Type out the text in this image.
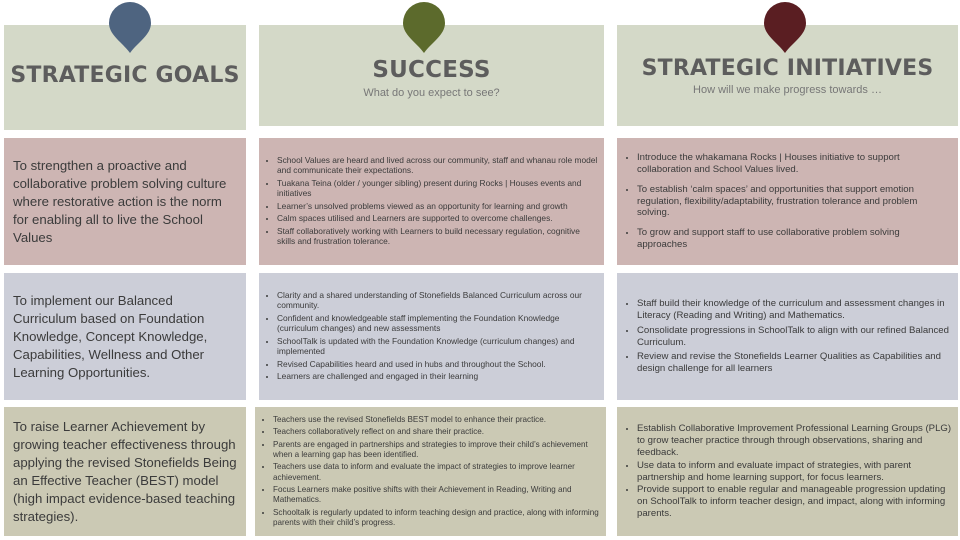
STRATEGIC GOALS	SUCCESS
What do you expect to see?
STRATEGIC INITIATIVES
How will we make progress towards …
To strengthen a proactive and collaborative problem solving culture where restorative action is the norm for enabling all to live the School Values
• School Values are heard and lived across our community, staff and whanau role model and communicate their expectations.
• Tuakana Teina (older / younger sibling) present during Rocks | Houses events and initiatives
• Learner’s unsolved problems viewed as an opportunity for learning and growth
• Calm spaces utilised and Learners are supported to overcome challenges.
• Staff collaboratively working with Learners to build necessary regulation, cognitive skills and frustration tolerance.
• Introduce the whakamana Rocks | Houses initiative to support collaboration and School Values lived.
• To establish ‘calm spaces’ and opportunities that support emotion regulation, flexibility/adaptability, frustration tolerance and problem solving.
• To grow and support staff to use collaborative problem solving approaches
To implement our Balanced Curriculum based on Foundation Knowledge, Concept Knowledge, Capabilities, Wellness and Other Learning Opportunities.
• Clarity and a shared understanding of Stonefields Balanced Curriculum across our community.
• Confident and knowledgeable staff implementing the Foundation Knowledge (curriculum changes) and new assessments
• SchoolTalk is updated with the Foundation Knowledge (curriculum changes) and implemented
• Revised Capabilities heard and used in hubs and throughout the School.
• Learners are challenged and engaged in their learning
• Staff build their knowledge of the curriculum and assessment changes in Literacy (Reading and Writing) and Mathematics.
• Consolidate progressions in SchoolTalk to align with our refined Balanced Curriculum.
• Review and revise the Stonefields Learner Qualities as Capabilities and design challenge for all learners
To raise Learner Achievement by growing teacher effectiveness through applying the revised Stonefields Being an Effective Teacher (BEST) model (high impact evidence-based teaching strategies).
• Teachers use the revised Stonefields BEST model to enhance their practice.
• Teachers collaboratively reflect on and share their practice.
• Parents are engaged in partnerships and strategies to improve their child’s achievement when a learning gap has been identified.
• Teachers use data to inform and evaluate the impact of strategies to improve learner achievement.
• Focus Learners make positive shifts with their Achievement in Reading, Writing and Mathematics.
• Schooltalk is regularly updated to inform teaching design and practice, along with informing parents with their child’s progress.
• Establish Collaborative Improvement Professional Learning Groups (PLG) to grow teacher practice through through observations, sharing and feedback.
• Use data to inform and evaluate impact of strategies, with parent partnership and home learning support, for focus learners.
• Provide support to enable regular and manageable progression updating on SchoolTalk to inform teacher design, and impact, along with informing parents.
